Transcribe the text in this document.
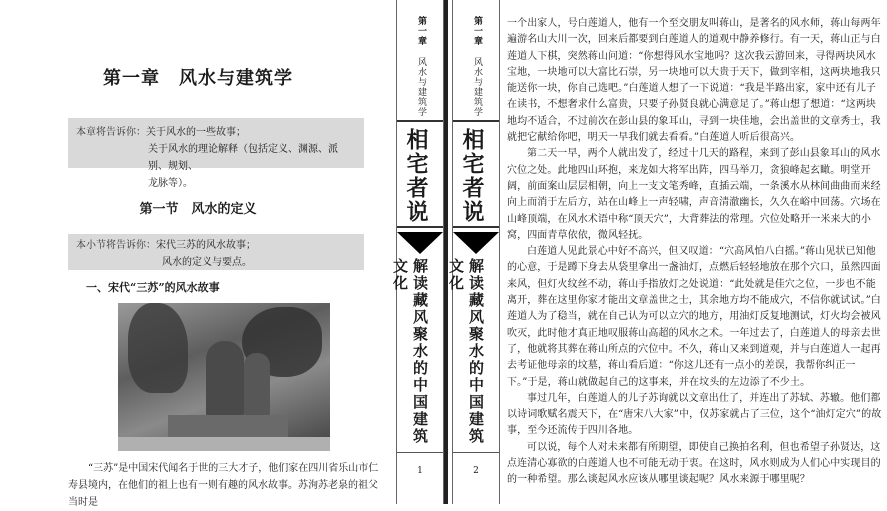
第一章　风水与建筑学
本章将告诉你：关于风水的一些故事；
关于风水的理论解释（包括定义、渊源、派别、规划、
龙脉等）。
第一节　风水的定义
本小节将告诉你：宋代三苏的风水故事；
风水的定义与要点。
一、宋代“三苏”的风水故事

“三苏”是中国宋代闻名于世的三大才子，他们家在四川省乐山市仁寿县境内，在他们的祖上也有一则有趣的风水故事。苏洵苏老泉的祖父当时是

第一章 风水与建筑学
相宅者说
解读藏风聚水的中国建筑文化
1
第一章 风水与建筑学
相宅者说
解读藏风聚水的中国建筑文化
2

一个出家人，号白莲道人，他有一个至交朋友叫蒋山，是著名的风水师，蒋山每两年遍游名山大川一次，回来后都要到白莲道人的道观中静养修行。有一天，蒋山正与白莲道人下棋，突然蒋山问道：“你想得风水宝地吗？这次我云游回来，寻得两块风水宝地，一块地可以大富比石崇，另一块地可以大贵于天下，做到宰相，这两块地我只能送你一块，你自己选吧。”白莲道人想了一下说道：“我是半路出家，家中还有儿子在读书，不想奢求什么富贵，只要子孙贤良就心满意足了。”蒋山想了想道：“这两块地均不适合，不过前次在彭山县的象耳山，寻到一块佳地，会出盖世的文章秀士，我就把它献给你吧，明天一早我们就去看看。”白莲道人听后很高兴。

第二天一早，两个人就出发了，经过十几天的路程，来到了彭山县象耳山的风水穴位之处。此地四山环抱，来龙如大将军出阵，四马举刀，贪狼峰起玄瞰。明堂开阔，前面案山层层相朝，向上一支文笔秀峰，直插云端，一条溪水从林间曲曲而来经向上而消于左后方，站在山峰上一声轻啸，声音清澈幽长，久久在峪中回荡。穴场在山峰顶端，在风水术语中称“顶天穴”，大背葬法的常理。穴位处略开一米来大的小窝，四面青草依依，微风轻抚。

白莲道人见此景心中好不高兴，但又叹道：“穴高风怕八白摇。”蒋山见状已知他的心意，于是蹲下身去从袋里拿出一盏油灯，点燃后轻轻地放在那个穴口，虽然四面来风，但灯火纹丝不动，蒋山手指放灯之处说道：“此处就是佳穴之位，一步也不能离开，葬在这里你家才能出文章盖世之士，其余地方均不能成穴，不信你就试试。”白莲道人为了稳当，就在自己认为可以立穴的地方，用油灯反复地测试，灯火均会被风吹灭，此时他才真正地叹服蒋山高超的风水之术。一年过去了，白莲道人的母亲去世了，他就将其葬在蒋山所点的穴位中。不久，蒋山又来到道观，并与白莲道人一起再去考证他母亲的坟墓，蒋山看后道：“你这儿还有一点小的差误，我帮你纠正一下。”于是，蒋山就做起自己的这事来，并在坟头的左边添了不少土。

事过几年，白莲道人的儿子苏询就以文章出仕了，并连出了苏轼、苏辙。他们都以诗词歌赋名震天下，在“唐宋八大家”中，仅苏家就占了三位，这个“油灯定穴”的故事，至今还流传于四川各地。

可以说，每个人对未来都有所期望，即使自己换拍名利，但也希望子孙贤达，这点连清心寡欲的白莲道人也不可能无动于衷。在这时，风水则成为人们心中实现目的的一种希望。那么谈起风水应该从哪里谈起呢？风水来源于哪里呢？
